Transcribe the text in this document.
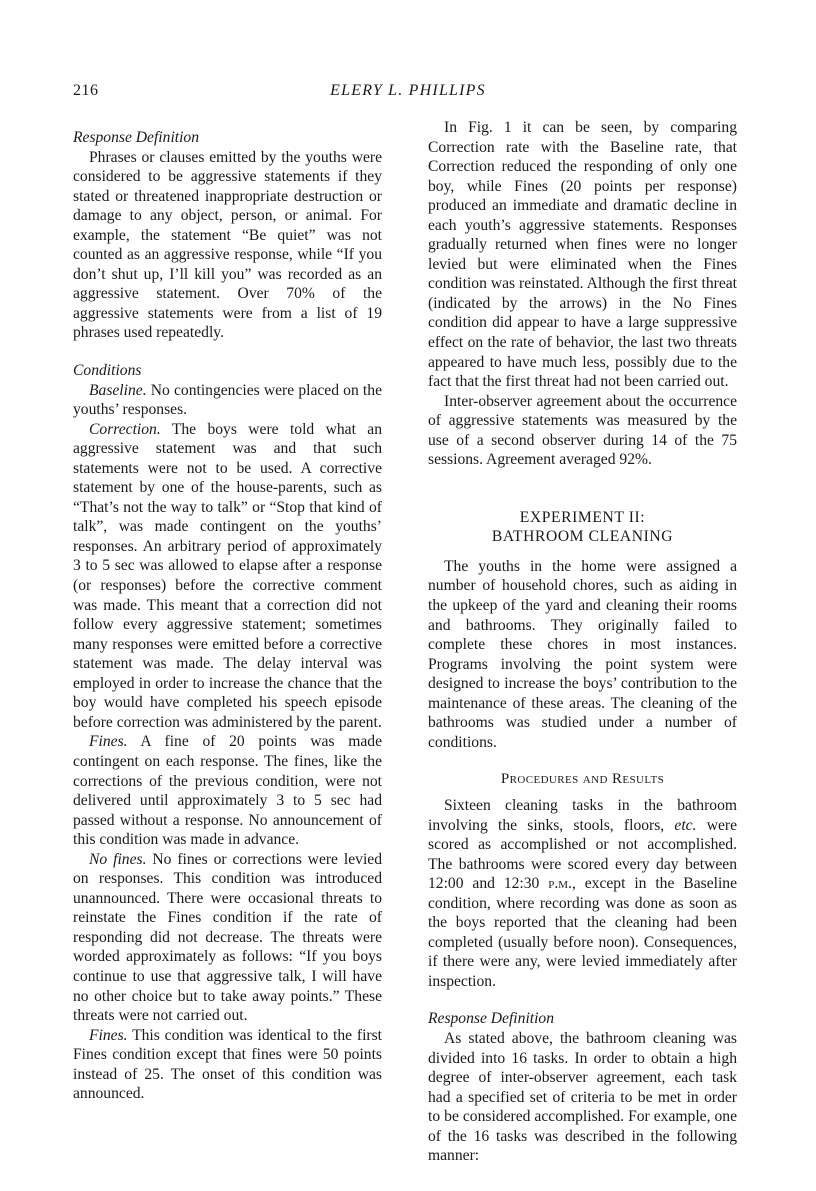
216	ELERY L. PHILLIPS
Response Definition

Phrases or clauses emitted by the youths were considered to be aggressive statements if they stated or threatened inappropriate destruction or damage to any object, person, or animal. For example, the statement “Be quiet” was not counted as an aggressive response, while “If you don’t shut up, I’ll kill you” was recorded as an aggressive statement. Over 70% of the aggressive statements were from a list of 19 phrases used repeatedly.

Conditions

Baseline. No contingencies were placed on the youths’ responses.

Correction. The boys were told what an aggressive statement was and that such statements were not to be used. A corrective statement by one of the house-parents, such as “That’s not the way to talk” or “Stop that kind of talk”, was made contingent on the youths’ responses. An arbitrary period of approximately 3 to 5 sec was allowed to elapse after a response (or responses) before the corrective comment was made. This meant that a correction did not follow every aggressive statement; sometimes many responses were emitted before a corrective statement was made. The delay interval was employed in order to increase the chance that the boy would have completed his speech episode before correction was administered by the parent.

Fines. A fine of 20 points was made contingent on each response. The fines, like the corrections of the previous condition, were not delivered until approximately 3 to 5 sec had passed without a response. No announcement of this condition was made in advance.

No fines. No fines or corrections were levied on responses. This condition was introduced unannounced. There were occasional threats to reinstate the Fines condition if the rate of responding did not decrease. The threats were worded approximately as follows: “If you boys continue to use that aggressive talk, I will have no other choice but to take away points.” These threats were not carried out.

Fines. This condition was identical to the first Fines condition except that fines were 50 points instead of 25. The onset of this condition was announced.

In Fig. 1 it can be seen, by comparing Correction rate with the Baseline rate, that Correction reduced the responding of only one boy, while Fines (20 points per response) produced an immediate and dramatic decline in each youth’s aggressive statements. Responses gradually returned when fines were no longer levied but were eliminated when the Fines condition was reinstated. Although the first threat (indicated by the arrows) in the No Fines condition did appear to have a large suppressive effect on the rate of behavior, the last two threats appeared to have much less, possibly due to the fact that the first threat had not been carried out.

Inter-observer agreement about the occurrence of aggressive statements was measured by the use of a second observer during 14 of the 75 sessions. Agreement averaged 92%.

EXPERIMENT II:
BATHROOM CLEANING

The youths in the home were assigned a number of household chores, such as aiding in the upkeep of the yard and cleaning their rooms and bathrooms. They originally failed to complete these chores in most instances. Programs involving the point system were designed to increase the boys’ contribution to the maintenance of these areas. The cleaning of the bathrooms was studied under a number of conditions.

Procedures and Results

Sixteen cleaning tasks in the bathroom involving the sinks, stools, floors, etc. were scored as accomplished or not accomplished. The bathrooms were scored every day between 12:00 and 12:30 p.m., except in the Baseline condition, where recording was done as soon as the boys reported that the cleaning had been completed (usually before noon). Consequences, if there were any, were levied immediately after inspection.

Response Definition

As stated above, the bathroom cleaning was divided into 16 tasks. In order to obtain a high degree of inter-observer agreement, each task had a specified set of criteria to be met in order to be considered accomplished. For example, one of the 16 tasks was described in the following manner:
